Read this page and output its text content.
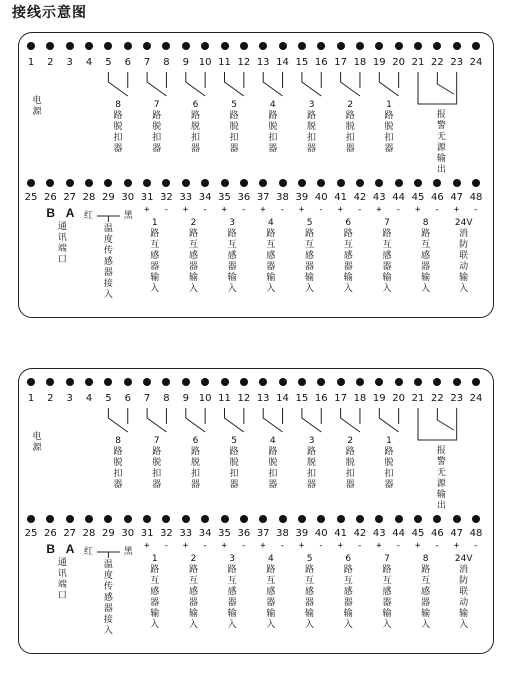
接线示意图
1	2	3	4	5	6	7	8	9 10 11 12 13 14 15 16 17 18 19 20 21 22 23 24
25 26 27 28 29 30 31 32 33 34 35 36 37 38 39 40 41 42 43 44 45 46 47 48
8
路
脱
扣
器
7
路
脱
扣
器
6
路
脱
扣
器
5
路
脱
扣
器
4
路
脱
扣
器
3
路
脱
扣
器
2
路
脱
扣
器
1
路
脱
扣
器
报
警
无
源
输
出
电
源
B A
通
讯
端
口
红	黑
温
度
传
感
器
接
入
+ -
1
路
互
感
器
输
入
+ -
2
路
互
感
器
输
入
+ -
3
路
互
感
器
输
入
+ -
4
路
互
感
器
输
入
+ -
5
路
互
感
器
输
入
+ -
6
路
互
感
器
输
入
+ -
7
路
互
感
器
输
入
+ -
8
路
互
感
器
输
入
+ -
24V
消
防
联
动
输
入
1	2	3	4	5	6	7	8	9 10 11 12 13 14 15 16 17 18 19 20 21 22 23 24
25 26 27 28 29 30 31 32 33 34 35 36 37 38 39 40 41 42 43 44 45 46 47 48
8
路
脱
扣
器
7
路
脱
扣
器
6
路
脱
扣
器
5
路
脱
扣
器
4
路
脱
扣
器
3
路
脱
扣
器
2
路
脱
扣
器
1
路
脱
扣
器
报
警
无
源
输
出
电
源
B A
通
讯
端
口
红	黑
温
度
传
感
器
接
入
+ -
1
路
互
感
器
输
入
+ -
2
路
互
感
器
输
入
+ -
3
路
互
感
器
输
入
+ -
4
路
互
感
器
输
入
+ -
5
路
互
感
器
输
入
+ -
6
路
互
感
器
输
入
+ -
7
路
互
感
器
输
入
+ -
8
路
互
感
器
输
入
+ -
24V
消
防
联
动
输
入
